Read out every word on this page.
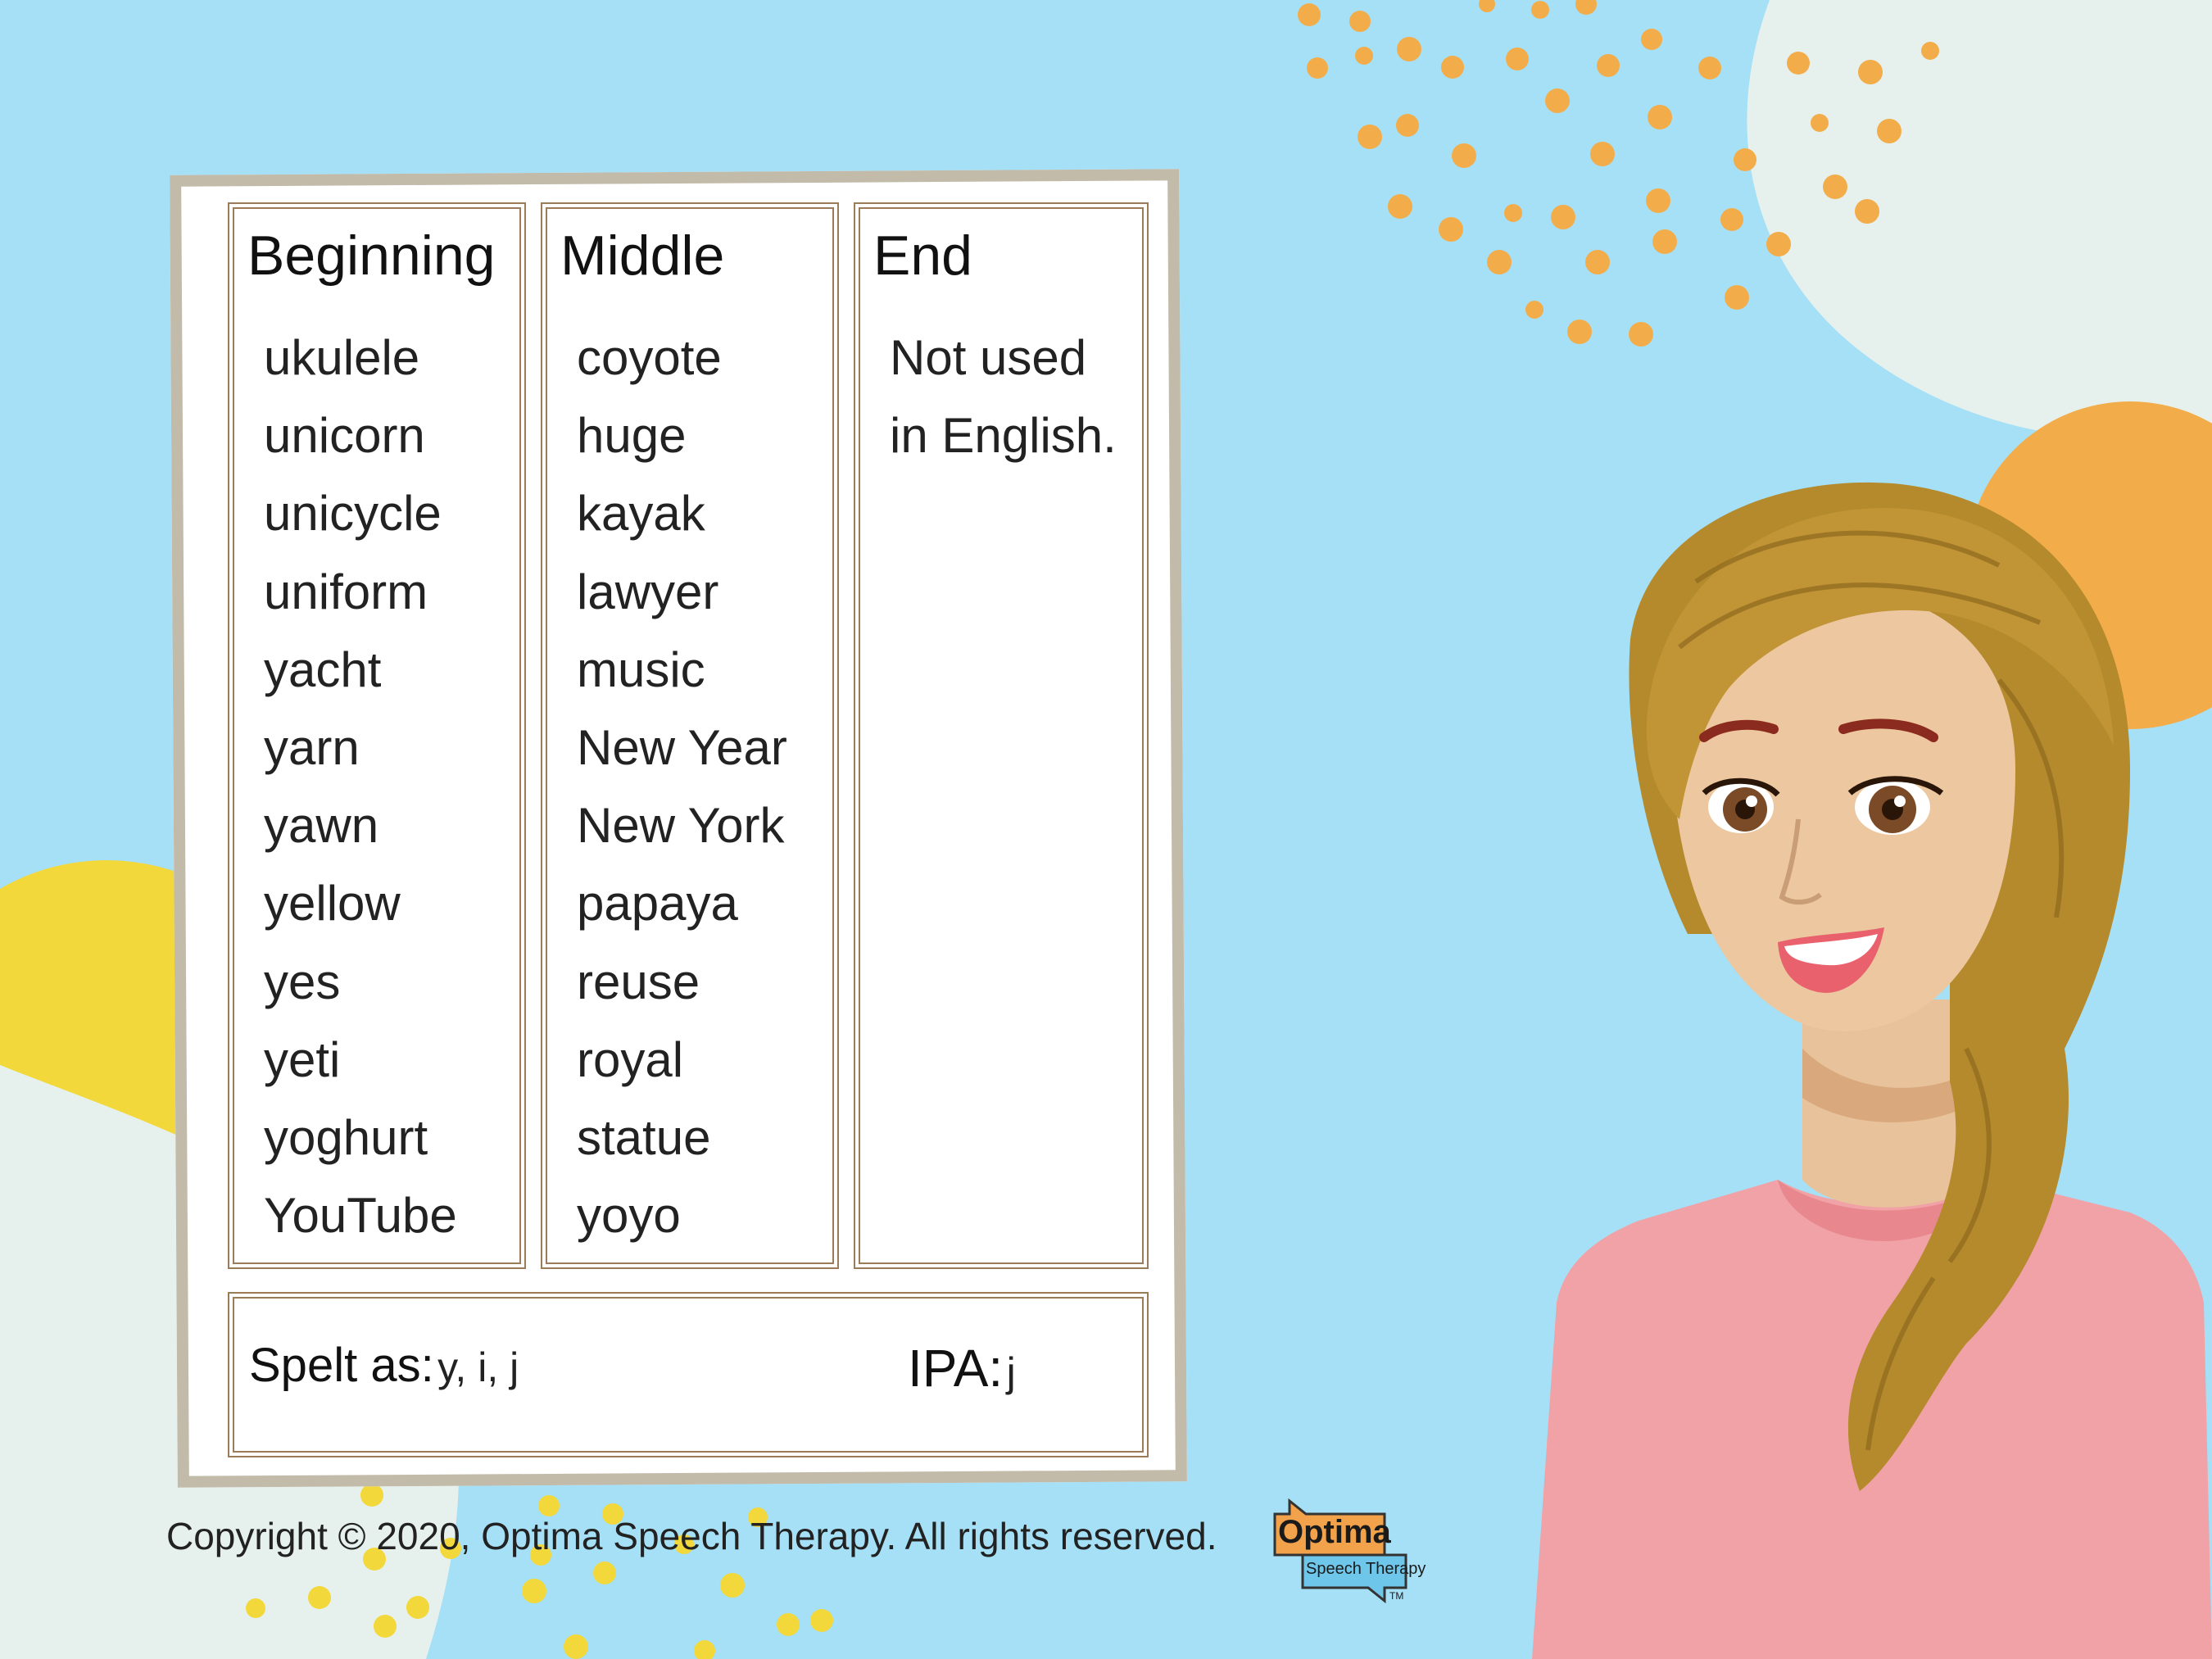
Beginning
ukulele
unicorn
unicycle
uniform
yacht
yarn
yawn
yellow
yes
yeti
yoghurt
YouTube
Middle
coyote
huge
kayak
lawyer
music
New Year
New York
papaya
reuse
royal
statue
yoyo
End
Not used
in English.
Spelt as: y, i, j	IPA: j
Copyright © 2020, Optima Speech Therapy. All rights reserved. Optima
Speech Therapy
TM
